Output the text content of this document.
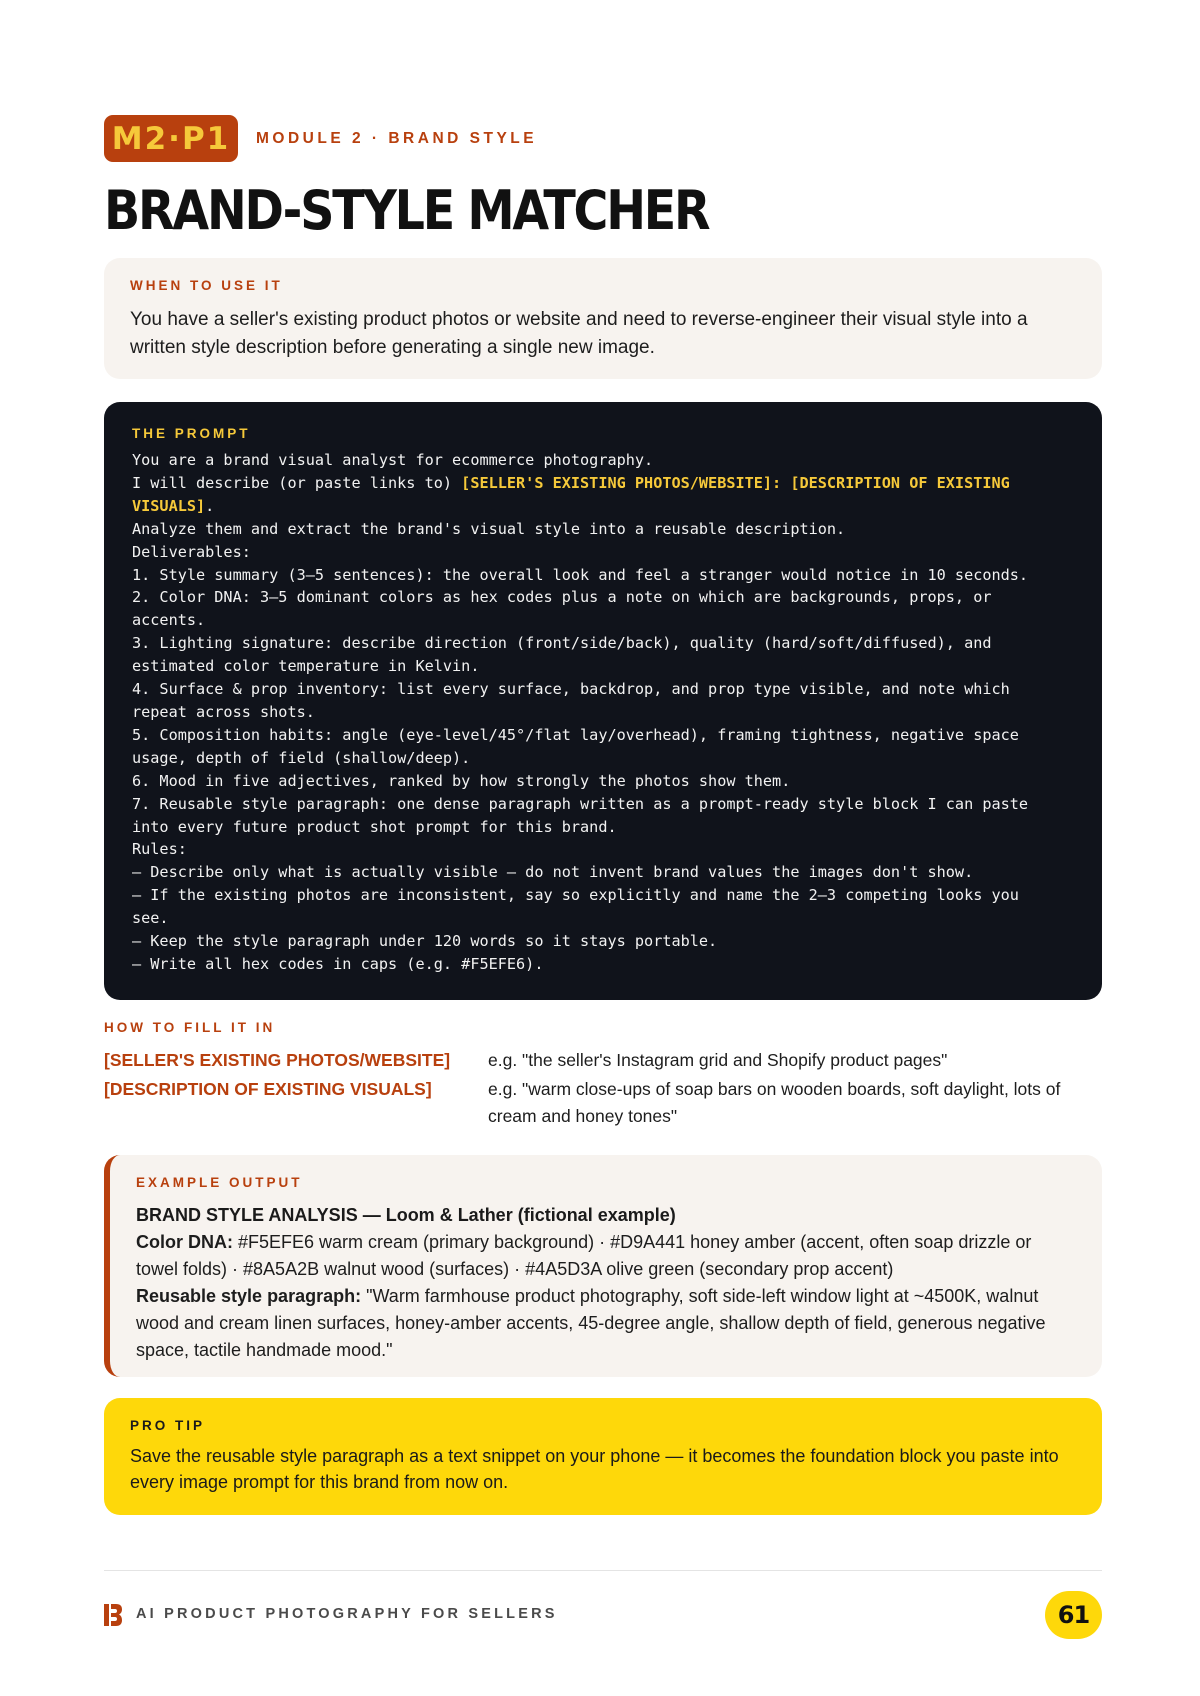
M2·P1	MODULE 2 · BRAND STYLE
BRAND-STYLE MATCHER
WHEN TO USE IT
You have a seller's existing product photos or website and need to reverse-engineer their visual style into a written style description before generating a single new image.
THE PROMPT
You are a brand visual analyst for ecommerce photography.
I will describe (or paste links to) [SELLER'S EXISTING PHOTOS/WEBSITE]: [DESCRIPTION OF EXISTING
VISUALS].
Analyze them and extract the brand's visual style into a reusable description.
Deliverables:
1. Style summary (3–5 sentences): the overall look and feel a stranger would notice in 10 seconds.
2. Color DNA: 3–5 dominant colors as hex codes plus a note on which are backgrounds, props, or
accents.
3. Lighting signature: describe direction (front/side/back), quality (hard/soft/diffused), and
estimated color temperature in Kelvin.
4. Surface & prop inventory: list every surface, backdrop, and prop type visible, and note which
repeat across shots.
5. Composition habits: angle (eye-level/45°/flat lay/overhead), framing tightness, negative space
usage, depth of field (shallow/deep).
6. Mood in five adjectives, ranked by how strongly the photos show them.
7. Reusable style paragraph: one dense paragraph written as a prompt-ready style block I can paste
into every future product shot prompt for this brand.
Rules:
– Describe only what is actually visible — do not invent brand values the images don't show.
– If the existing photos are inconsistent, say so explicitly and name the 2–3 competing looks you
see.
– Keep the style paragraph under 120 words so it stays portable.
– Write all hex codes in caps (e.g. #F5EFE6).
HOW TO FILL IT IN
[SELLER'S EXISTING PHOTOS/WEBSITE] e.g. "the seller's Instagram grid and Shopify product pages"
[DESCRIPTION OF EXISTING VISUALS]	e.g. "warm close-ups of soap bars on wooden boards, soft daylight, lots of cream and honey tones"
EXAMPLE OUTPUT
BRAND STYLE ANALYSIS — Loom & Lather (fictional example)
Color DNA: #F5EFE6 warm cream (primary background) · #D9A441 honey amber (accent, often soap drizzle or towel folds) · #8A5A2B walnut wood (surfaces) · #4A5D3A olive green (secondary prop accent)
Reusable style paragraph: "Warm farmhouse product photography, soft side-left window light at ~4500K, walnut wood and cream linen surfaces, honey-amber accents, 45-degree angle, shallow depth of field, generous negative space, tactile handmade mood."
PRO TIP
Save the reusable style paragraph as a text snippet on your phone — it becomes the foundation block you paste into every image prompt for this brand from now on.
AI PRODUCT PHOTOGRAPHY FOR SELLERS	61
